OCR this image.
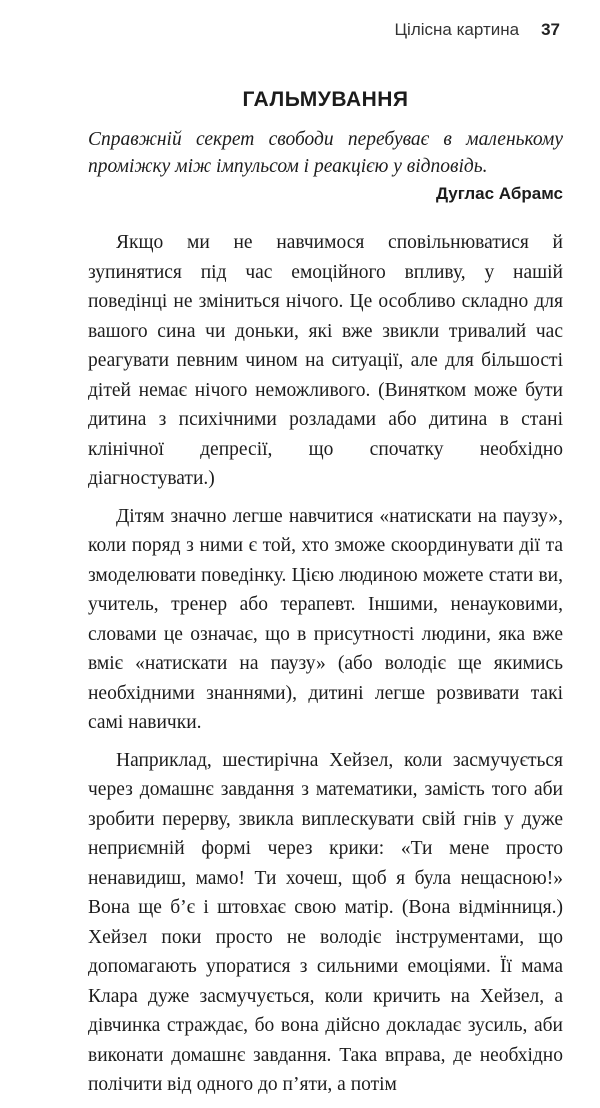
Цілісна картина 37
ГАЛЬМУВАННЯ

Справжній секрет свободи перебуває в маленькому проміжку між імпульсом і реакцією у відповідь.

Дуглас Абрамс

Якщо ми не навчимося сповільнюватися й зупинятися під час емоційного впливу, у нашій поведінці не зміниться нічого. Це особливо складно для вашого сина чи доньки, які вже звикли тривалий час реагувати певним чином на ситуації, але для більшості дітей немає нічого неможливого. (Винятком може бути дитина з психічними розладами або дитина в стані клінічної депресії, що спочатку необхідно діагностувати.)

Дітям значно легше навчитися «натискати на паузу», коли поряд з ними є той, хто зможе скоординувати дії та змоделювати поведінку. Цією людиною можете стати ви, учитель, тренер або терапевт. Іншими, ненауковими, словами це означає, що в присутності людини, яка вже вміє «натискати на паузу» (або володіє ще якимись необхідними знаннями), дитині легше розвивати такі самі навички.

Наприклад, шестирічна Хейзел, коли засмучується через домашнє завдання з математики, замість того аби зробити перерву, звикла виплескувати свій гнів у дуже неприємній формі через крики: «Ти мене просто ненавидиш, мамо! Ти хочеш, щоб я була нещасною!» Вона ще б’є і штовхає свою матір. (Вона відмінниця.) Хейзел поки просто не володіє інструментами, що допомагають упоратися з сильними емоціями. Її мама Клара дуже засмучується, коли кричить на Хейзел, а дівчинка страждає, бо вона дійсно докладає зусиль, аби виконати домашнє завдання. Така вправа, де необхідно полічити від одного до п’яти, а потім
